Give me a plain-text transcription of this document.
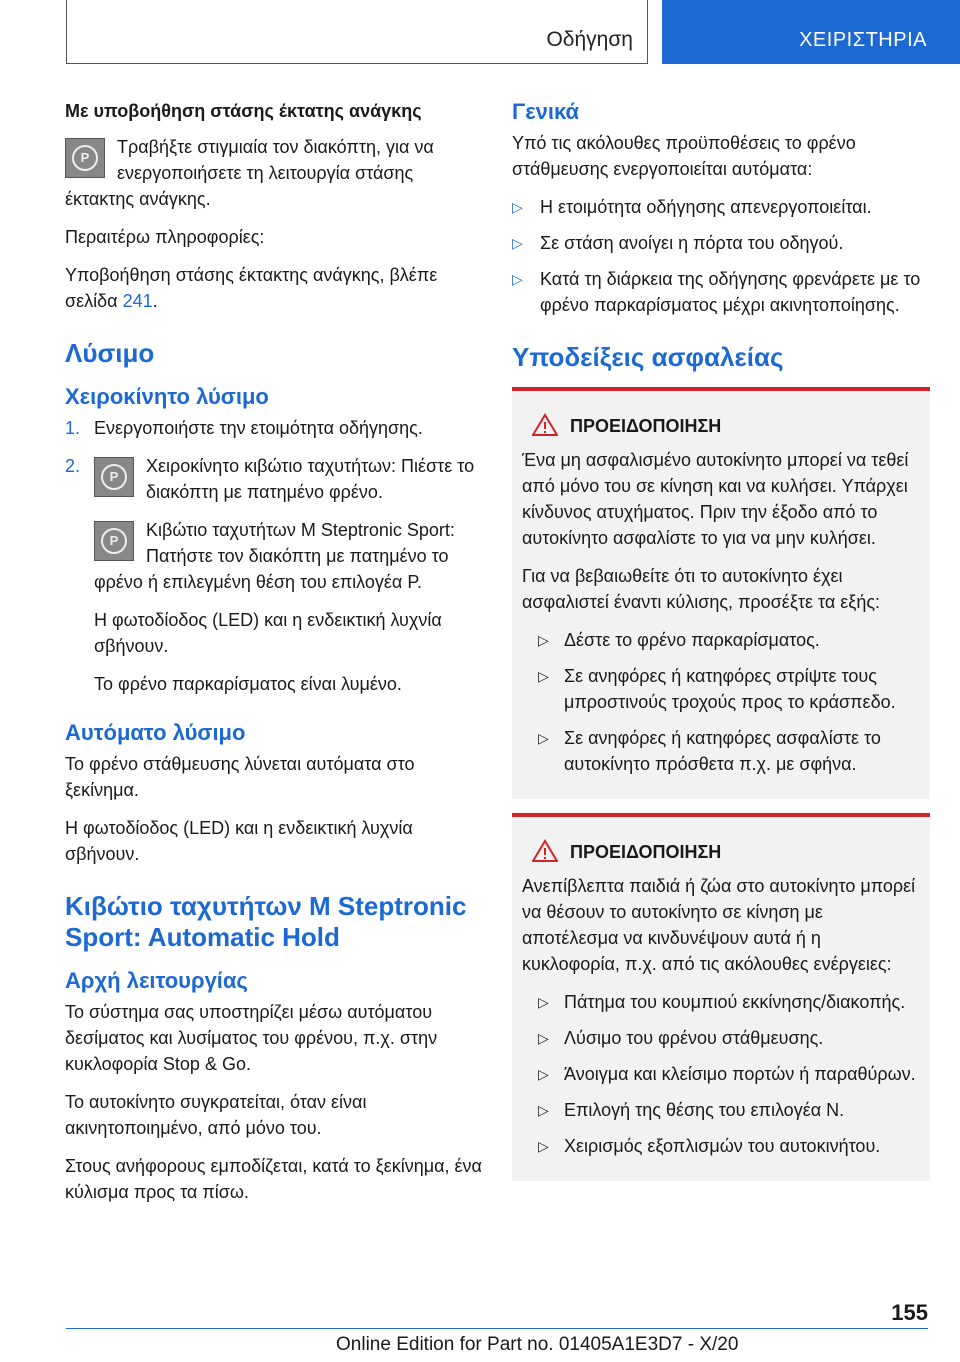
Οδήγηση	ΧΕΙΡΙΣΤΗΡΙΑ
Με υποβοήθηση στάσης έκτατης ανάγκης
P

Τραβήξτε στιγμιαία τον διακόπτη, για να ενεργοποιήσετε τη λειτουργία στάσης έκτακτης ανάγκης.

Περαιτέρω πληροφορίες:

Υποβοήθηση στάσης έκτακτης ανάγκης, βλέπε σελίδα 241.

Λύσιμο
Χειροκίνητο λύσιμο
1. Ενεργοποιήστε την ετοιμότητα οδήγησης.
2.
P
Χειροκίνητο κιβώτιο ταχυτήτων: Πιέστε το διακόπτη με πατημένο φρένο.
P

Κιβώτιο ταχυτήτων M Steptronic Sport: Πατήστε τον διακόπτη με πατημένο το φρένο ή επιλεγμένη θέση του επιλογέα P.

Η φωτοδίοδος (LED) και η ενδεικτική λυχνία σβήνουν.

Το φρένο παρκαρίσματος είναι λυμένο.

Αυτόματο λύσιμο

Το φρένο στάθμευσης λύνεται αυτόματα στο ξεκίνημα.

Η φωτοδίοδος (LED) και η ενδεικτική λυχνία σβήνουν.

Κιβώτιο ταχυτήτων M Steptronic Sport: Automatic Hold
Αρχή λειτουργίας

Το σύστημα σας υποστηρίζει μέσω αυτόματου δεσίματος και λυσίματος του φρένου, π.χ. στην κυκλοφορία Stop & Go.

Το αυτοκίνητο συγκρατείται, όταν είναι ακινητοποιημένο, από μόνο του.

Στους ανήφορους εμποδίζεται, κατά το ξεκίνημα, ένα κύλισμα προς τα πίσω.

Γενικά

Υπό τις ακόλουθες προϋποθέσεις το φρένο στάθμευσης ενεργοποιείται αυτόματα:

▷ Η ετοιμότητα οδήγησης απενεργοποιείται.
▷ Σε στάση ανοίγει η πόρτα του οδηγού.
▷ Κατά τη διάρκεια της οδήγησης φρενάρετε με το φρένο παρκαρίσματος μέχρι ακινητοποίησης.
Υποδείξεις ασφαλείας
ΠΡΟΕΙΔΟΠΟΙΗΣΗ

Ένα μη ασφαλισμένο αυτοκίνητο μπορεί να τεθεί από μόνο του σε κίνηση και να κυλήσει. Υπάρχει κίνδυνος ατυχήματος. Πριν την έξοδο από το αυτοκίνητο ασφαλίστε το για να μην κυλήσει.

Για να βεβαιωθείτε ότι το αυτοκίνητο έχει ασφαλιστεί έναντι κύλισης, προσέξτε τα εξής:

▷ Δέστε το φρένο παρκαρίσματος.
▷ Σε ανηφόρες ή κατηφόρες στρίψτε τους μπροστινούς τροχούς προς το κράσπεδο.
▷ Σε ανηφόρες ή κατηφόρες ασφαλίστε το αυτοκίνητο πρόσθετα π.χ. με σφήνα.
ΠΡΟΕΙΔΟΠΟΙΗΣΗ

Ανεπίβλεπτα παιδιά ή ζώα στο αυτοκίνητο μπορεί να θέσουν το αυτοκίνητο σε κίνηση με αποτέλεσμα να κινδυνέψουν αυτά ή η κυκλοφορία, π.χ. από τις ακόλουθες ενέργειες:

▷ Πάτημα του κουμπιού εκκίνησης/διακοπής.
▷ Λύσιμο του φρένου στάθμευσης.
▷ Άνοιγμα και κλείσιμο πορτών ή παραθύρων.
▷ Επιλογή της θέσης του επιλογέα N.
▷ Χειρισμός εξοπλισμών του αυτοκινήτου.
155
Online Edition for Part no. 01405A1E3D7 - X/20
